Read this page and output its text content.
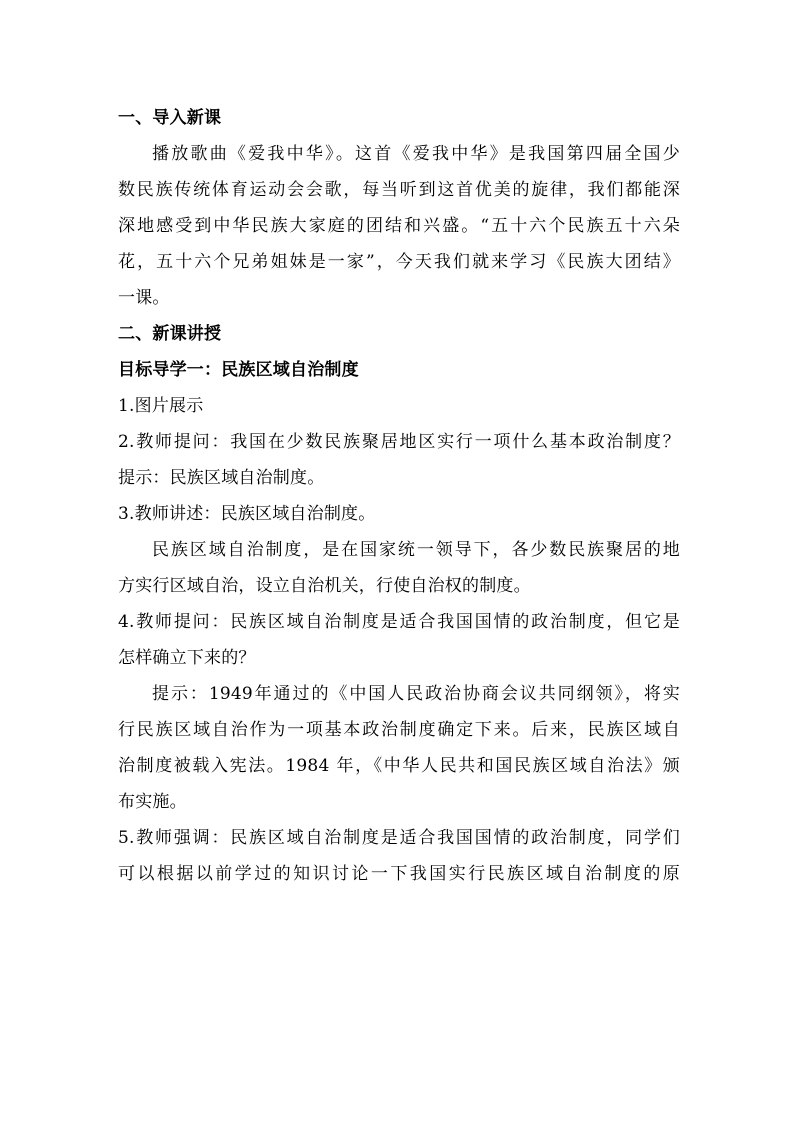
一、导入新课

播放歌曲《爱我中华》。这首《爱我中华》是我国第四届全国少

数民族传统体育运动会会歌，每当听到这首优美的旋律，我们都能深

深地感受到中华民族大家庭的团结和兴盛。“五十六个民族五十六朵

花，五十六个兄弟姐妹是一家”，今天我们就来学习《民族大团结》

一课。

二、新课讲授

目标导学一：民族区域自治制度

1.图片展示

2.教师提问：我国在少数民族聚居地区实行一项什么基本政治制度？

提示：民族区域自治制度。

3.教师讲述：民族区域自治制度。

民族区域自治制度，是在国家统一领导下，各少数民族聚居的地

方实行区域自治，设立自治机关，行使自治权的制度。

4.教师提问：民族区域自治制度是适合我国国情的政治制度，但它是

怎样确立下来的？

提示：1949年通过的《中国人民政治协商会议共同纲领》，将实

行民族区域自治作为一项基本政治制度确定下来。后来，民族区域自

治制度被载入宪法。1984 年，《中华人民共和国民族区域自治法》颁

布实施。

5.教师强调：民族区域自治制度是适合我国国情的政治制度，同学们

可以根据以前学过的知识讨论一下我国实行民族区域自治制度的原
